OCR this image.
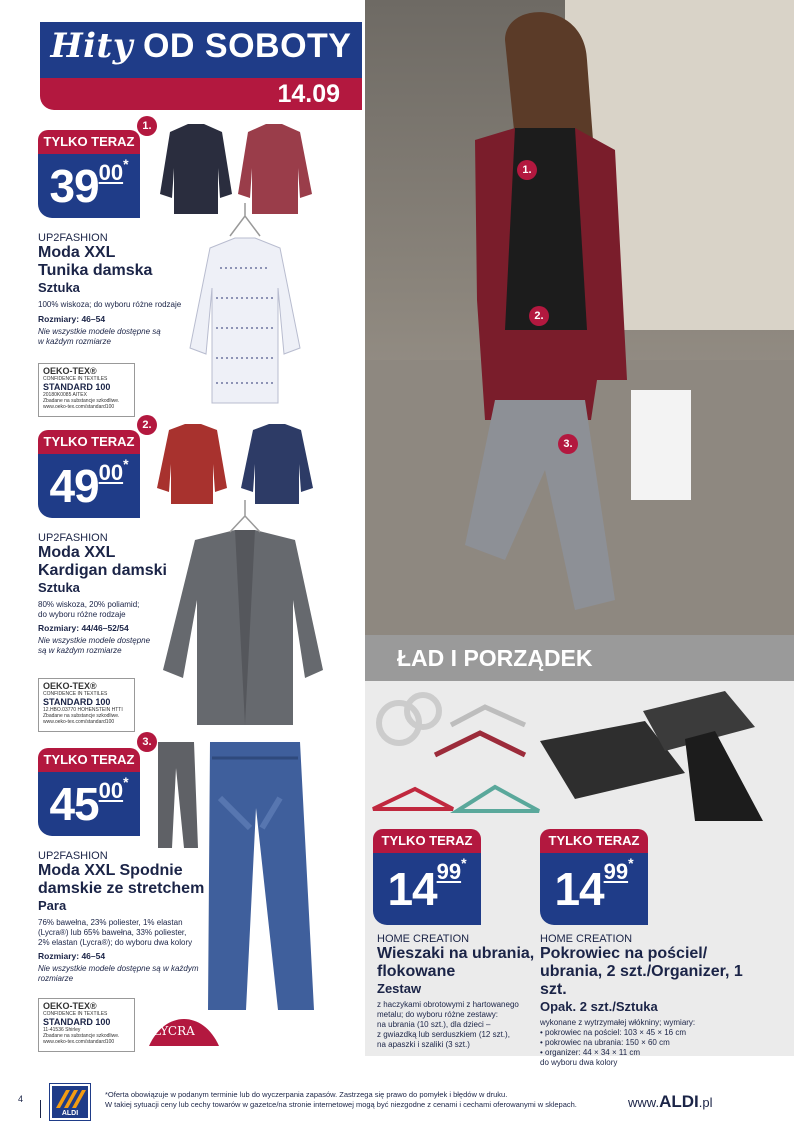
Hity OD SOBOTY
14.09
1.
TYLKO TERAZ
3900*
UP2FASHION
Moda XXL
Tunika damska
Sztuka
100% wiskoza; do wyboru różne rodzaje
Rozmiary: 46–54
Nie wszystkie modele dostępne są
w każdym rozmiarze
OEKO-TEX®
CONFIDENCE IN TEXTILES
STANDARD 100
20180K0085 AITEX
Zbadane na substancje szkodliwe.
www.oeko-tex.com/standard100
2.
TYLKO TERAZ
4900*
UP2FASHION
Moda XXL
Kardigan damski
Sztuka
80% wiskoza, 20% poliamid;
do wyboru różne rodzaje
Rozmiary: 44/46–52/54
Nie wszystkie modele dostępne
są w każdym rozmiarze
OEKO-TEX®
CONFIDENCE IN TEXTILES
STANDARD 100
12.HBO.03770 HOHENSTEIN HTTI
Zbadane na substancje szkodliwe.
www.oeko-tex.com/standard100
3.
TYLKO TERAZ
4500*
UP2FASHION
Moda XXL Spodnie
damskie ze stretchem
Para
76% bawełna, 23% poliester, 1% elastan
(Lycra®) lub 65% bawełna, 33% poliester,
2% elastan (Lycra®); do wyboru dwa kolory
Rozmiary: 46–54
Nie wszystkie modele dostępne są w każdym
rozmiarze
OEKO-TEX®
CONFIDENCE IN TEXTILES
STANDARD 100
11-41536 Shirley
Zbadane na substancje szkodliwe.
www.oeko-tex.com/standard100
LYCRA
1.
2.
3.
ŁAD I PORZĄDEK
TYLKO TERAZ
1499*
HOME CREATION
Wieszaki na ubrania,
flokowane
Zestaw
z haczykami obrotowymi z hartowanego
metalu; do wyboru różne zestawy:
na ubrania (10 szt.), dla dzieci –
z gwiazdką lub serduszkiem (12 szt.),
na apaszki i szaliki (3 szt.)
TYLKO TERAZ
1499*
HOME CREATION
Pokrowiec na pościel/
ubrania, 2 szt./Organizer, 1 szt.
Opak. 2 szt./Sztuka
wykonane z wytrzymałej włókniny; wymiary:
• pokrowiec na pościel: 103 × 45 × 16 cm
• pokrowiec na ubrania: 150 × 60 cm
• organizer: 44 × 34 × 11 cm
do wyboru dwa kolory
4
ALDI
*Oferta obowiązuje w podanym terminie lub do wyczerpania zapasów. Zastrzega się prawo do pomyłek i błędów w druku.
W takiej sytuacji ceny lub cechy towarów w gazetce/na stronie internetowej mogą być niezgodne z cenami i cechami oferowanymi w sklepach.	www.ALDI.pl
